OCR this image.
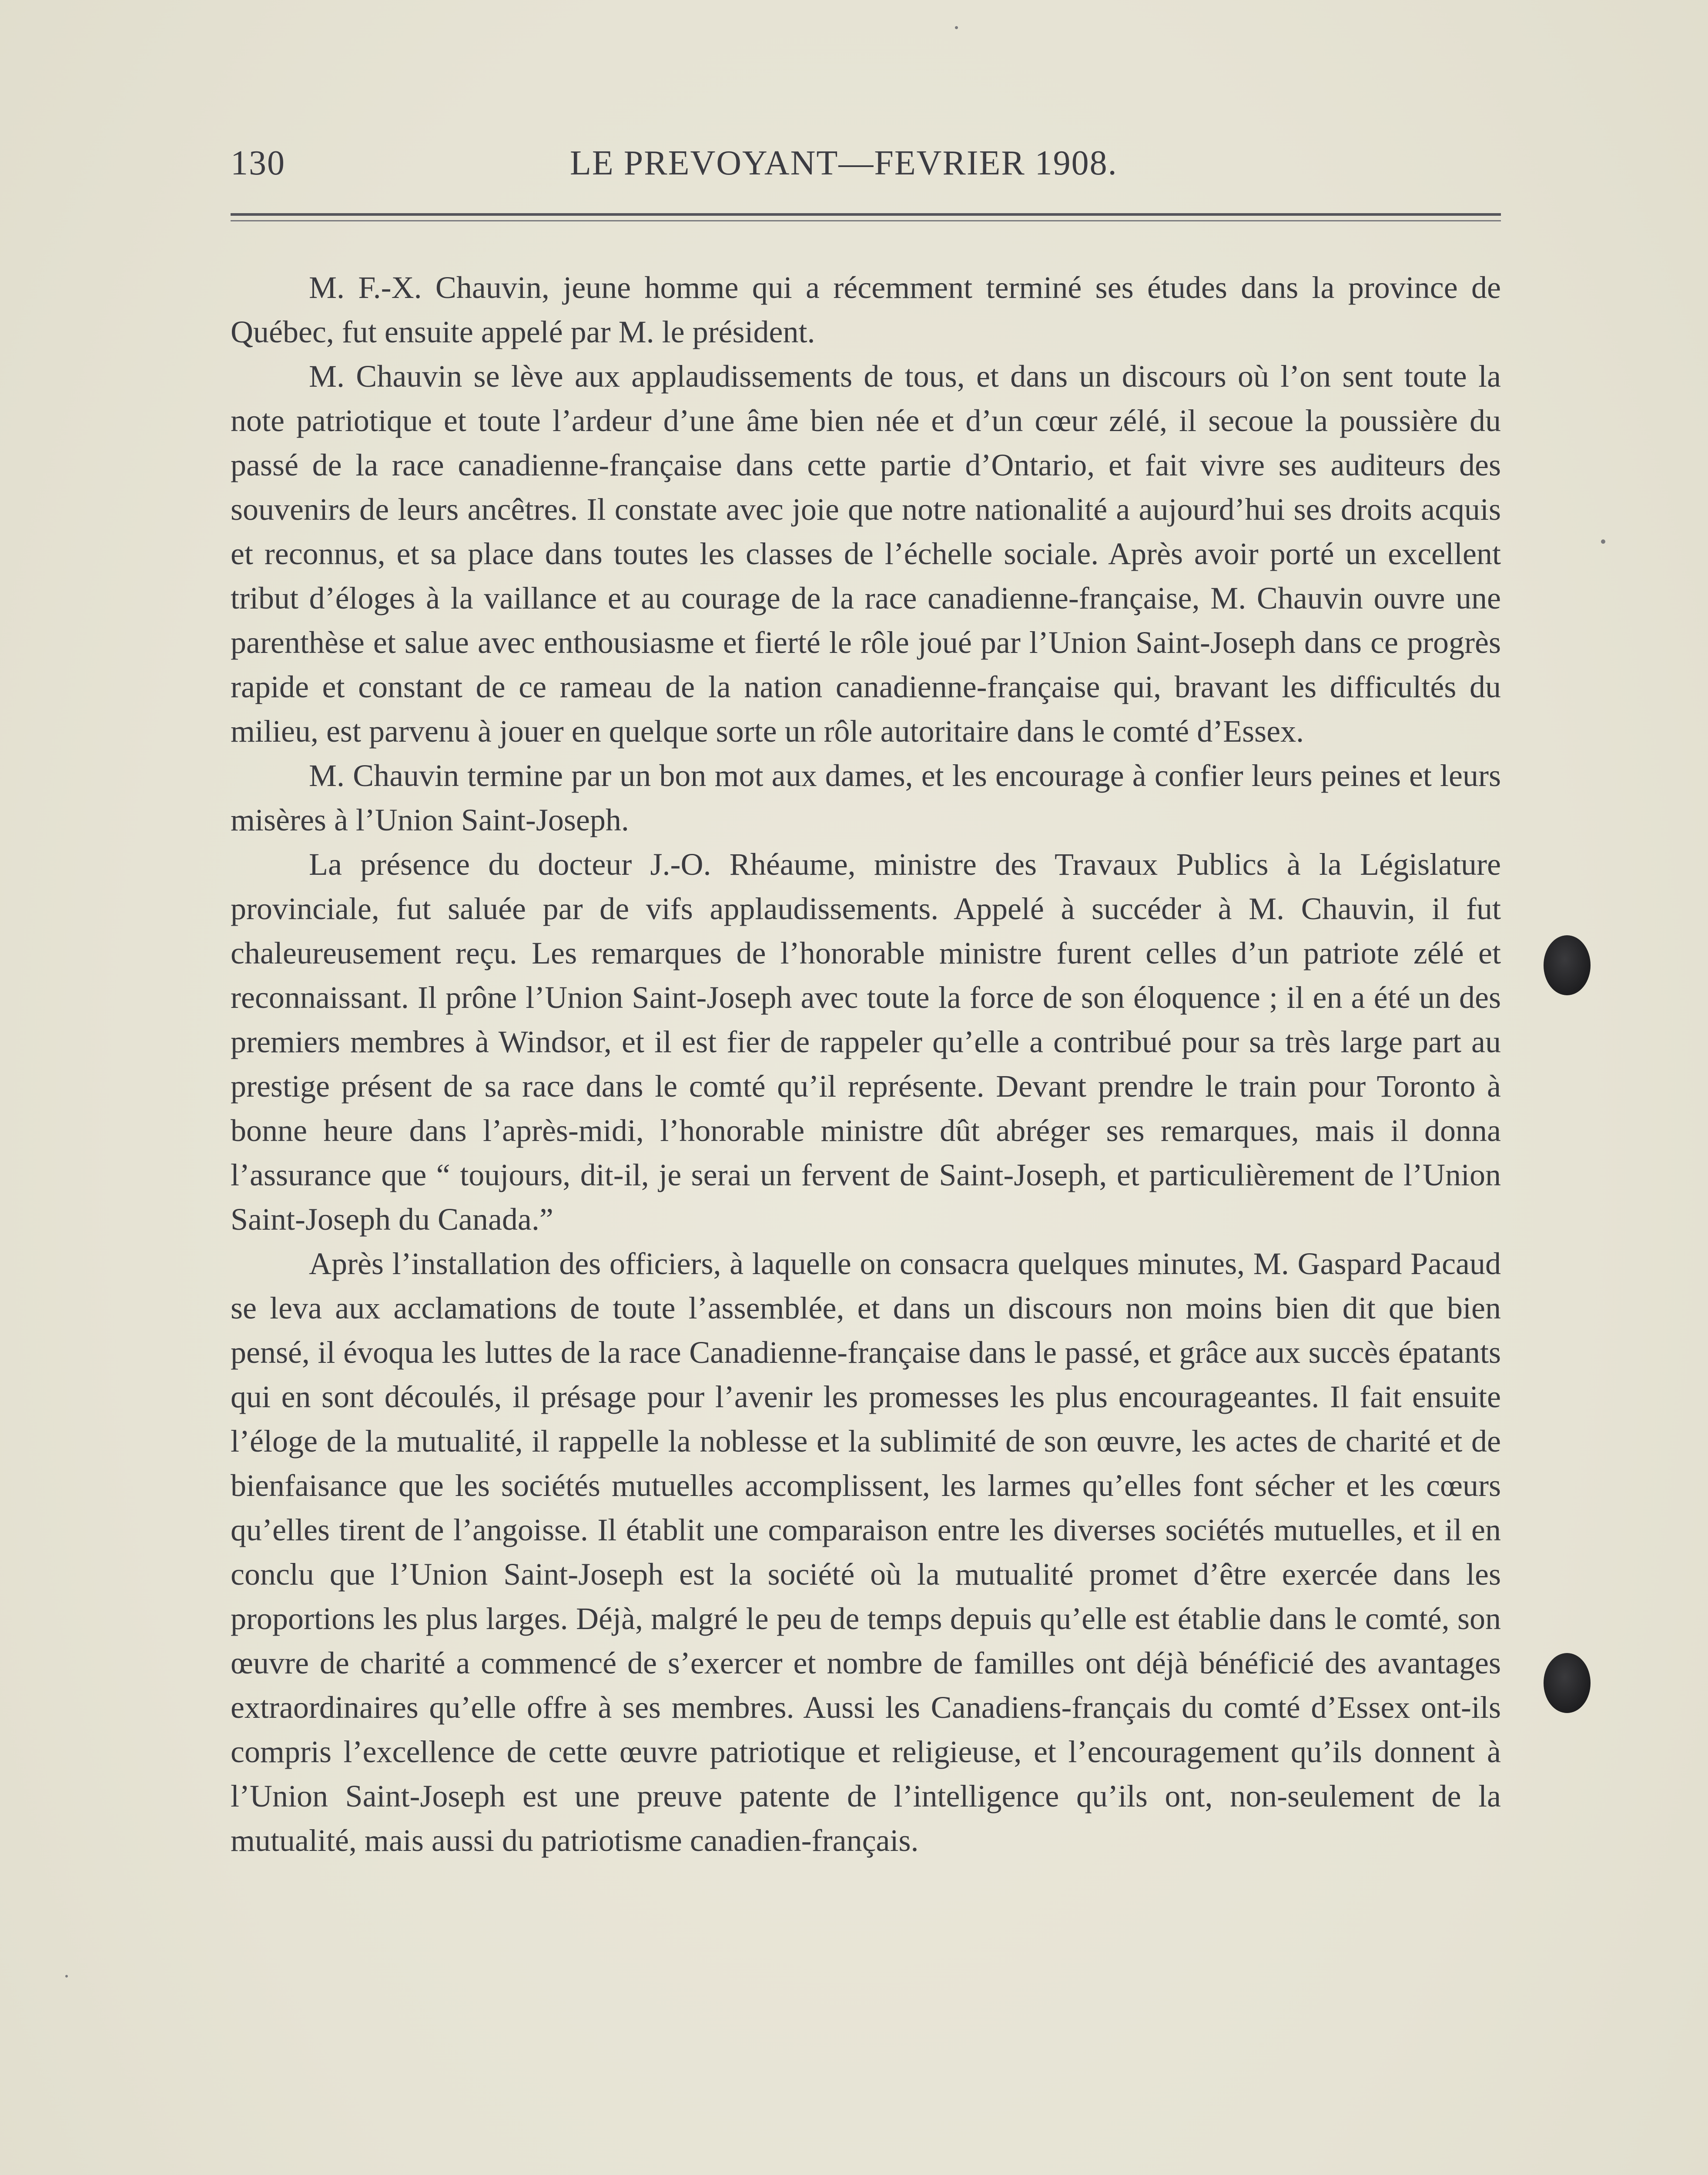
130	LE PREVOYANT—FEVRIER 1908.

M. F.-X. Chauvin, jeune homme qui a récemment terminé ses études dans la province de Québec, fut ensuite appelé par M. le président.

M. Chauvin se lève aux applaudissements de tous, et dans un discours où l’on sent toute la note patriotique et toute l’ardeur d’une âme bien née et d’un cœur zélé, il secoue la poussière du passé de la race canadienne-française dans cette partie d’Ontario, et fait vivre ses auditeurs des souvenirs de leurs ancêtres. Il constate avec joie que notre nationalité a aujourd’hui ses droits acquis et reconnus, et sa place dans toutes les classes de l’échelle sociale. Après avoir porté un excellent tribut d’éloges à la vaillance et au courage de la race canadienne-française, M. Chauvin ouvre une parenthèse et salue avec enthousiasme et fierté le rôle joué par l’Union Saint-Joseph dans ce progrès rapide et constant de ce rameau de la nation canadienne-française qui, bravant les difficultés du milieu, est parvenu à jouer en quelque sorte un rôle autoritaire dans le comté d’Essex.

M. Chauvin termine par un bon mot aux dames, et les encourage à confier leurs peines et leurs misères à l’Union Saint-Joseph.

La présence du docteur J.-O. Rhéaume, ministre des Travaux Publics à la Législature provinciale, fut saluée par de vifs applaudissements. Appelé à succéder à M. Chauvin, il fut chaleureusement reçu. Les remarques de l’honorable ministre furent celles d’un patriote zélé et reconnaissant. Il prône l’Union Saint-Joseph avec toute la force de son éloquence ; il en a été un des premiers membres à Windsor, et il est fier de rappeler qu’elle a contribué pour sa très large part au prestige présent de sa race dans le comté qu’il représente. Devant prendre le train pour Toronto à bonne heure dans l’après-midi, l’honorable ministre dût abréger ses remarques, mais il donna l’assurance que “ toujours, dit-il, je serai un fervent de Saint-Joseph, et particulièrement de l’Union Saint-Joseph du Canada.”

Après l’installation des officiers, à laquelle on consacra quelques minutes, M. Gaspard Pacaud se leva aux acclamations de toute l’assemblée, et dans un discours non moins bien dit que bien pensé, il évoqua les luttes de la race Canadienne-française dans le passé, et grâce aux succès épatants qui en sont découlés, il présage pour l’avenir les promesses les plus encourageantes. Il fait ensuite l’éloge de la mutualité, il rappelle la noblesse et la sublimité de son œuvre, les actes de charité et de bienfaisance que les sociétés mutuelles accomplissent, les larmes qu’elles font sécher et les cœurs qu’elles tirent de l’angoisse. Il établit une comparaison entre les diverses sociétés mutuelles, et il en conclu que l’Union Saint-Joseph est la société où la mutualité promet d’être exercée dans les proportions les plus larges. Déjà, malgré le peu de temps depuis qu’elle est établie dans le comté, son œuvre de charité a commencé de s’exercer et nombre de familles ont déjà bénéficié des avantages extraordinaires qu’elle offre à ses membres. Aussi les Canadiens-français du comté d’Essex ont-ils compris l’excellence de cette œuvre patriotique et religieuse, et l’encouragement qu’ils donnent à l’Union Saint-Joseph est une preuve patente de l’intelligence qu’ils ont, non-seulement de la mutualité, mais aussi du patriotisme canadien-français.
